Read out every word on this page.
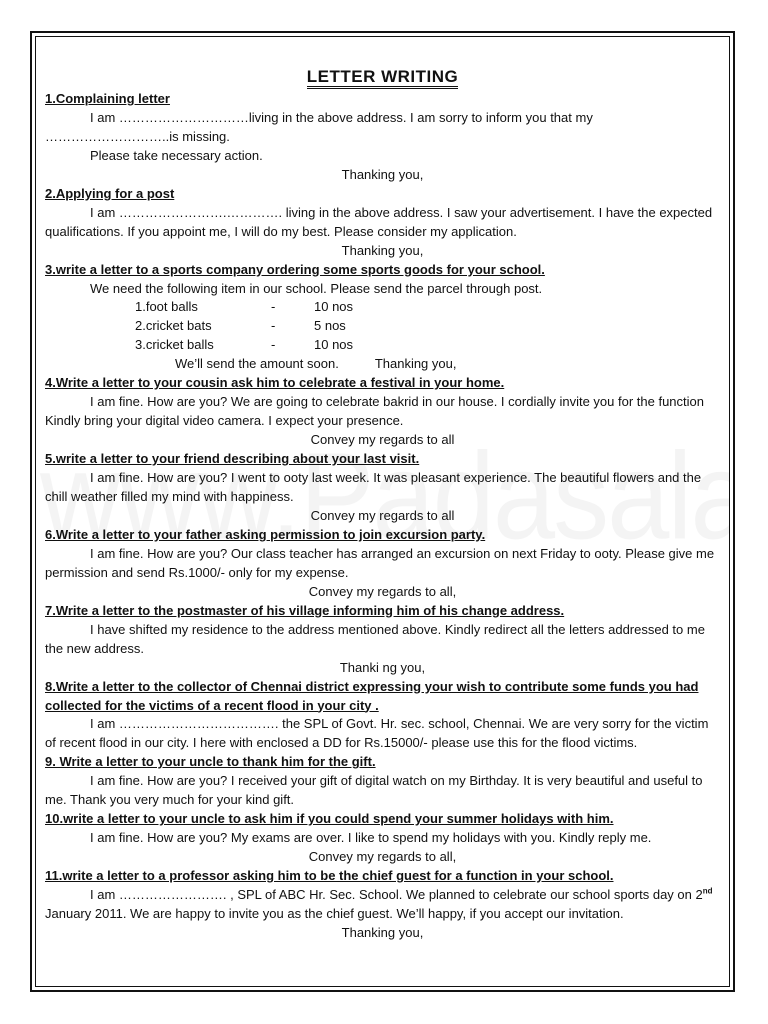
LETTER WRITING
1.Complaining letter
I am …………………………living in the above address. I am sorry to inform you that my ………………………..is missing.
Please take necessary action.
Thanking you,
2.Applying for a post
I am …………………….…………. living in the above address. I saw your advertisement. I have the expected qualifications. If you appoint me, I will do my best. Please consider my application.
Thanking you,
3.write a letter to a sports company ordering some sports goods for your school.
We need the following item in our school. Please send the parcel through post.
1.foot balls	-	10 nos
2.cricket bats	-	5 nos
3.cricket balls	-	10 nos
We’ll send the amount soon.	Thanking you,
4.Write a letter to your cousin ask him to celebrate a festival in your home.
I am fine. How are you? We are going to celebrate bakrid in our house. I cordially invite you for the function Kindly bring your digital video camera. I expect your presence.
Convey my regards to all
5.write a letter to your friend describing about your last visit.
I am fine. How are you? I went to ooty last week. It was pleasant experience. The beautiful flowers and the chill weather filled my mind with happiness.
Convey my regards to all
6.Write a letter to your father asking permission to join excursion party.
I am fine. How are you? Our class teacher has arranged an excursion on next Friday to ooty. Please give me permission and send Rs.1000/- only for my expense.
Convey my regards to all,
7.Write a letter to the postmaster of his village informing him of his change address.
I have shifted my residence to the address mentioned above. Kindly redirect all the letters addressed to me the new address.
Thanki ng you,
8.Write a letter to the collector of Chennai district expressing your wish to contribute some funds you had collected for the victims of a recent flood in your city .
I am ………………………………. the SPL of Govt. Hr. sec. school, Chennai. We are very sorry for the victim of recent flood in our city. I here with enclosed a DD for Rs.15000/- please use this for the flood victims.
9. Write a letter to your uncle to thank him for the gift.
I am fine. How are you? I received your gift of digital watch on my Birthday. It is very beautiful and useful to me. Thank you very much for your kind gift.
10.write a letter to your uncle to ask him if you could spend your summer holidays with him.
I am fine. How are you? My exams are over. I like to spend my holidays with you. Kindly reply me.
Convey my regards to all,
11.write a letter to a professor asking him to be the chief guest for a function in your school.
I am ……………………. , SPL of ABC Hr. Sec. School. We planned to celebrate our school sports day on 2nd January 2011. We are happy to invite you as the chief guest. We’ll happy, if you accept our invitation.
Thanking you,
